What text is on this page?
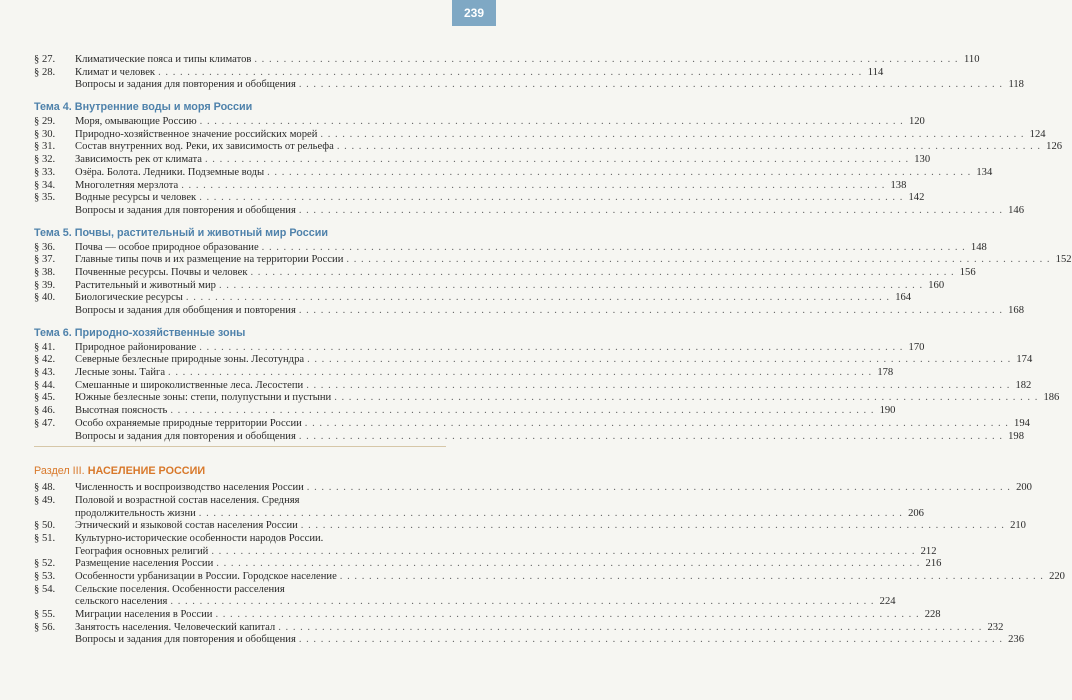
239
§ 27.	Климатические пояса и типы климатов . . .	110
§ 28.	Климат и человек . . .	114
Вопросы и задания для повторения и обобщения . . .	118
Тема 4. Внутренние воды и моря России
§ 29.	Моря, омывающие Россию . . .	120
§ 30.	Природно-хозяйственное значение российских морей . . .	124
§ 31.	Состав внутренних вод. Реки, их зависимость от рельефа . . .	126
§ 32.	Зависимость рек от климата . . .	130
§ 33.	Озёра. Болота. Ледники. Подземные воды . . .	134
§ 34.	Многолетняя мерзлота . . .	138
§ 35.	Водные ресурсы и человек . . .	142
Вопросы и задания для повторения и обобщения . . .	146
Тема 5. Почвы, растительный и животный мир России
§ 36.	Почва — особое природное образование . . .	148
§ 37.	Главные типы почв и их размещение на территории России . . .	152
§ 38.	Почвенные ресурсы. Почвы и человек . . .	156
§ 39.	Растительный и животный мир . . .	160
§ 40.	Биологические ресурсы . . .	164
Вопросы и задания для обобщения и повторения . . .	168
Тема 6. Природно-хозяйственные зоны
§ 41.	Природное районирование . . .	170
§ 42.	Северные безлесные природные зоны. Лесотундра . . .	174
§ 43.	Лесные зоны. Тайга . . .	178
§ 44.	Смешанные и широколиственные леса. Лесостепи . . .	182
§ 45.	Южные безлесные зоны: степи, полупустыни и пустыни . . .	186
§ 46.	Высотная поясность . . .	190
§ 47.	Особо охраняемые природные территории России . . .	194
Вопросы и задания для повторения и обобщения . . .	198
Раздел III. НАСЕЛЕНИЕ РОССИИ
§ 48.	Численность и воспроизводство населения России . . .	200
§ 49.	Половой и возрастной состав населения. Средняя
продолжительность жизни . . .	206
§ 50.	Этнический и языковой состав населения России . . .	210
§ 51.	Культурно-исторические особенности народов России.
География основных религий . . .	212
§ 52.	Размещение населения России . . .	216
§ 53.	Особенности урбанизации в России. Городское население . . .	220
§ 54.	Сельские поселения. Особенности расселения
сельского населения . . .	224
§ 55.	Миграции населения в России . . .	228
§ 56.	Занятость населения. Человеческий капитал . . .	232
Вопросы и задания для повторения и обобщения . . .	236
